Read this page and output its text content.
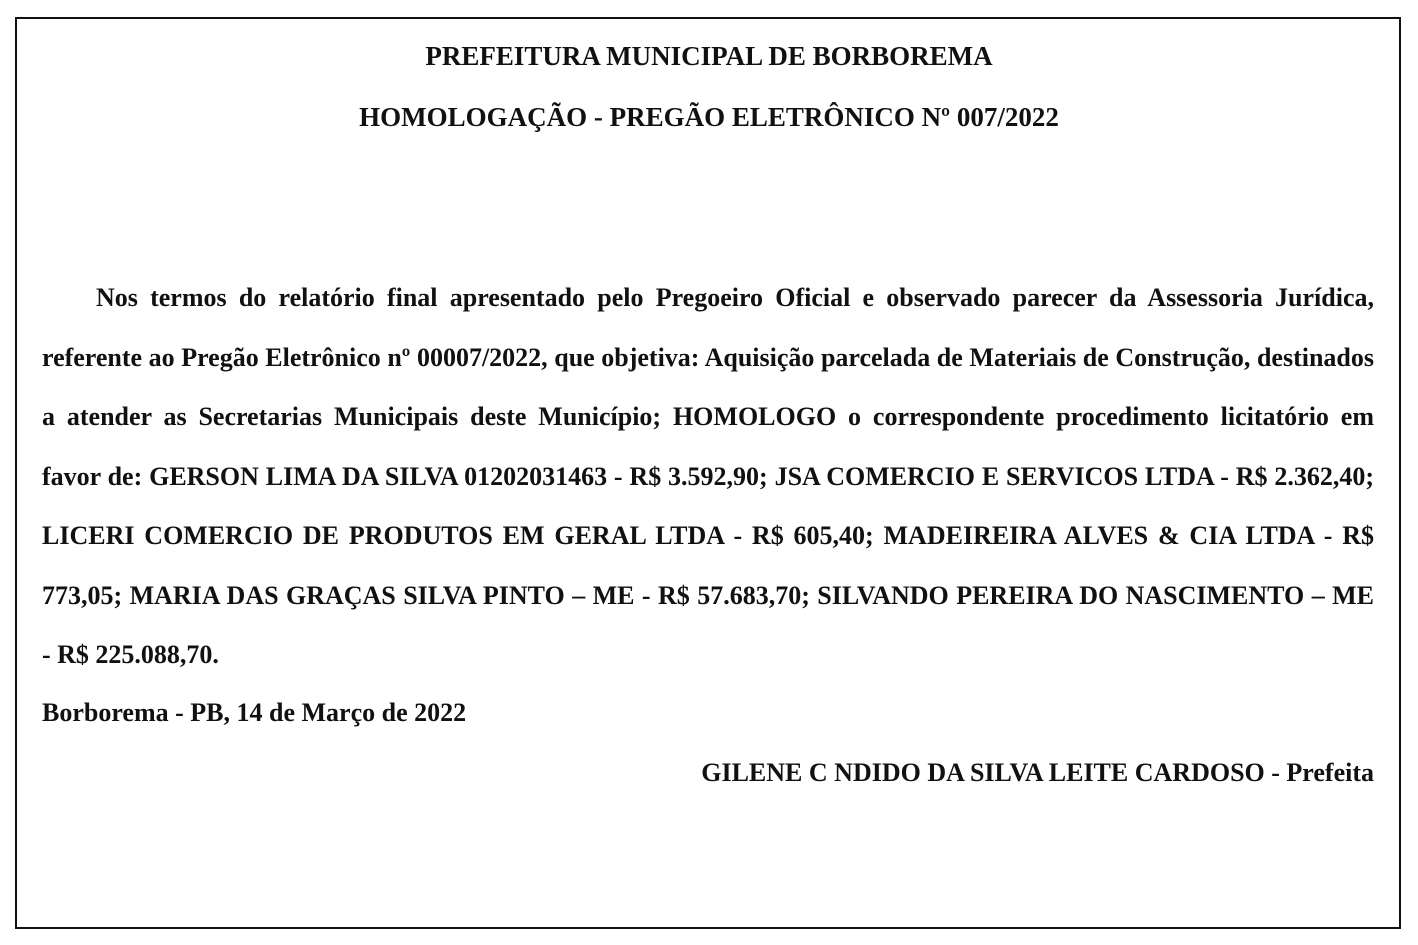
PREFEITURA MUNICIPAL DE BORBOREMA
HOMOLOGAÇÃO - PREGÃO ELETRÔNICO Nº 007/2022

Nos termos do relatório final apresentado pelo Pregoeiro Oficial e observado parecer da Assessoria Jurídica, referente ao Pregão Eletrônico nº 00007/2022, que objetiva: Aquisição parcelada de Materiais de Construção, destinados a atender as Secretarias Municipais deste Município; HOMOLOGO o correspondente procedimento licitatório em favor de: GERSON LIMA DA SILVA 01202031463 - R$ 3.592,90; JSA COMERCIO E SERVICOS LTDA - R$ 2.362,40; LICERI COMERCIO DE PRODUTOS EM GERAL LTDA - R$ 605,40; MADEIREIRA ALVES & CIA LTDA - R$ 773,05; MARIA DAS GRAÇAS SILVA PINTO – ME - R$ 57.683,70; SILVANDO PEREIRA DO NASCIMENTO – ME - R$ 225.088,70.

Borborema - PB, 14 de Março de 2022
GILENE C NDIDO DA SILVA LEITE CARDOSO - Prefeita
